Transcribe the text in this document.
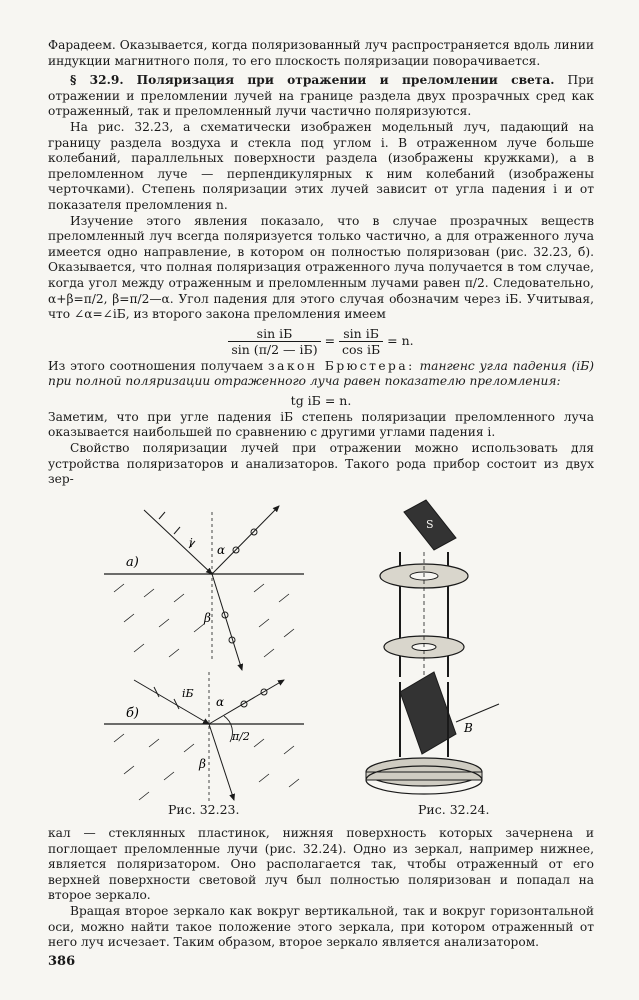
Фарадеем. Оказывается, когда поляризованный луч распространяется вдоль линии индукции магнитного поля, то его плоскость поляризации поворачивается.

§ 32.9. Поляризация при отражении и преломлении света. При отражении и преломлении лучей на границе раздела двух прозрачных сред как отраженный, так и преломленный лучи частично поляризуются.

На рис. 32.23, а схематически изображен модельный луч, падающий на границу раздела воздуха и стекла под углом i. В отраженном луче больше колебаний, параллельных поверхности раздела (изображены кружками), а в преломленном луче — перпендикулярных к ним колебаний (изображены черточками). Степень поляризации этих лучей зависит от угла падения i и от показателя преломления n.

Изучение этого явления показало, что в случае прозрачных веществ преломленный луч всегда поляризуется только частично, а для отраженного луча имеется одно направление, в котором он полностью поляризован (рис. 32.23, б). Оказывается, что полная поляризация отраженного луча получается в том случае, когда угол между отраженным и преломленным лучами равен π/2. Следовательно, α+β=π/2, β=π/2—α. Угол падения для этого случая обозначим через iБ. Учитывая, что ∠α=∠iБ, из второго закона преломления имеем

$\frac{\text{sin iБ}}{\sin (\pi/2 — iБ)} = \frac{\text{sin iБ}}{\text{cos iБ}} = n$.

Из этого соотношения получаем закон Брюстера: тангенс угла падения (iБ) при полной поляризации отраженного луча равен показателю преломления:

tg iБ = n.

Заметим, что при угле падения iБ степень поляризации преломленного луча оказывается наибольшей по сравнению с другими углами падения i.

Свойство поляризации лучей при отражении можно использовать для устройства поляризаторов и анализаторов. Такого рода прибор состоит из двух зер-

а)
i α
β
б)
iБ
α
β
π/2
S
В
Рис. 32.23.	Рис. 32.24.

кал — стеклянных пластинок, нижняя поверхность которых зачернена и поглощает преломленные лучи (рис. 32.24). Одно из зеркал, например нижнее, является поляризатором. Оно располагается так, чтобы отраженный от его верхней поверхности световой луч был полностью поляризован и попадал на второе зеркало.

Вращая второе зеркало как вокруг вертикальной, так и вокруг горизонтальной оси, можно найти такое положение этого зеркала, при котором отраженный от него луч исчезает. Таким образом, второе зеркало является анализатором.

386
